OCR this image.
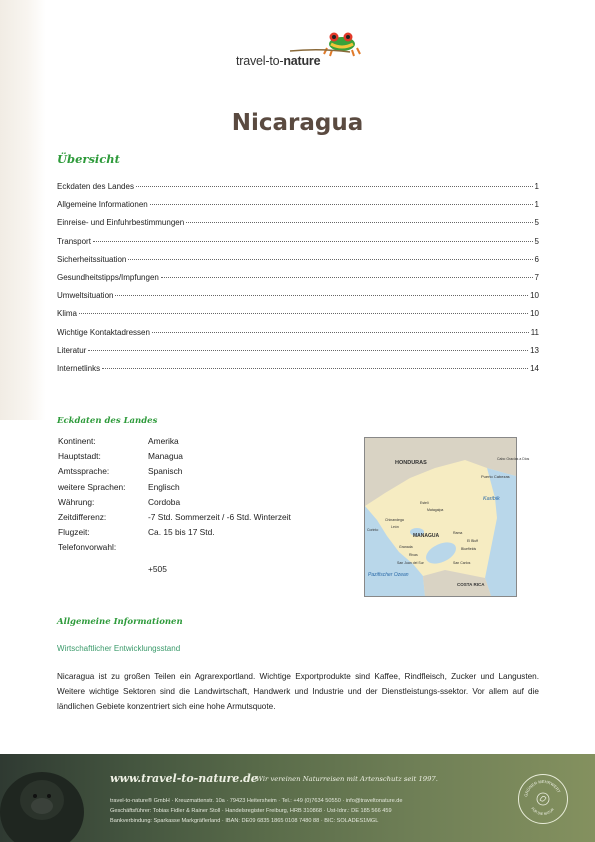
travel-to-nature
Nicaragua
Übersicht
Eckdaten des Landes	1
Allgemeine Informationen	1
Einreise- und Einfuhrbestimmungen	5
Transport	5
Sicherheitssituation	6
Gesundheitstipps/Impfungen	7
Umweltsituation	10
Klima	10
Wichtige Kontaktadressen	11
Literatur	13
Internetlinks	14
Eckdaten des Landes
Kontinent:	Amerika
Hauptstadt:	Managua
Amtssprache:	Spanisch
weitere Sprachen:	Englisch
Währung:	Cordoba
Zeitdifferenz:	-7 Std. Sommerzeit / -6 Std. Winterzeit
Flugzeit:	Ca. 15 bis 17 Std.
Telefonvorwahl:
+505
HONDURAS
Cabo Gracias a Dios
Puerto Cabezas
Karibik
Estelí
Matagalpa
Chinandega
Corinto
León
MANAGUA
Granada
Rivas
San Juan del Sur	San Carlos
Rama
El Bluff
Bluefields
COSTA RICA
Pazifischer Ozean
Allgemeine Informationen
Wirtschaftlicher Entwicklungsstand
Nicaragua ist zu großen Teilen ein Agrarexportland. Wichtige Exportprodukte sind Kaffee, Rindfleisch, Zucker und Langusten. Weitere wichtige Sektoren sind die Landwirtschaft, Handwerk und Industrie und der Dienstleistungs-ssektor. Vor allem auf die ländlichen Gebiete konzentriert sich eine hohe Armutsquote.
www.travel-to-nature.de
Wir vereinen Naturreisen mit Artenschutz seit 1997.
travel-to-nature® GmbH · Kreuzmattenstr. 10a · 79423 Heitersheim · Tel.: +49 (0)7634 50550 · info@traveltonature.de
Geschäftsführer: Tobias Fidler & Rainer Stoll · Handelsregister Freiburg, HRB 310868 · Ust-Idnr.: DE 185 566 459
Bankverbindung: Sparkasse Markgräflerland · IBAN: DE09 6835 1865 0108 7480 88 · BIC: SOLADES1MGL
GRÜNER MEHRWERT
FÜR DIE NATUR
